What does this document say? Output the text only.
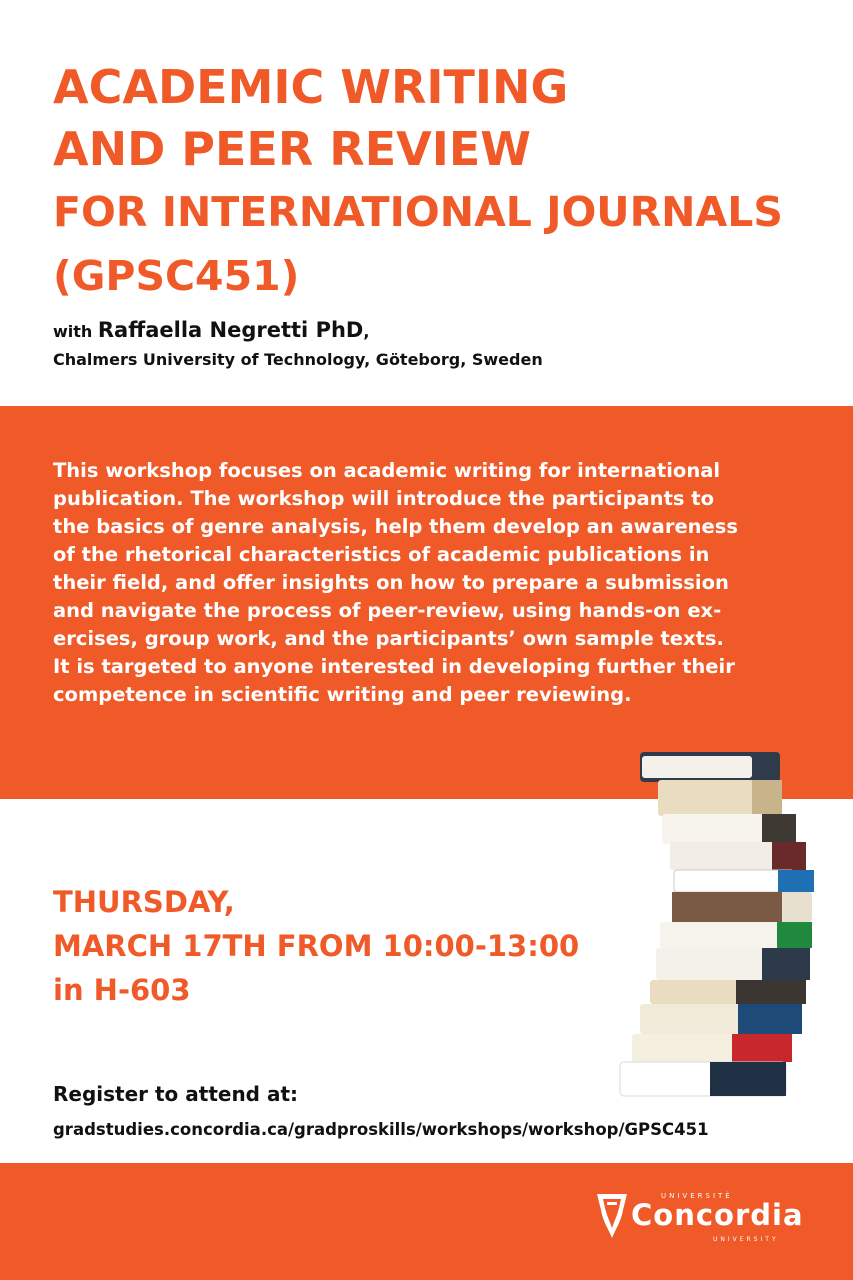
ACADEMIC WRITING
AND PEER REVIEW
FOR INTERNATIONAL JOURNALS
(GPSC451)
with Raffaella Negretti PhD,
Chalmers University of Technology, Göteborg, Sweden
This workshop focuses on academic writing for international
publication. The workshop will introduce the participants to
the basics of genre analysis, help them develop an awareness
of the rhetorical characteristics of academic publications in
their field, and offer insights on how to prepare a submission
and navigate the process of peer-review, using hands-on ex-
ercises, group work, and the participants’ own sample texts.
It is targeted to anyone interested in developing further their
competence in scientific writing and peer reviewing.
THURSDAY,
MARCH 17TH FROM 10:00-13:00
in H-603
Register to attend at:
gradstudies.concordia.ca/gradproskills/workshops/workshop/GPSC451
UNIVERSITÉ
Concordia
UNIVERSITY
